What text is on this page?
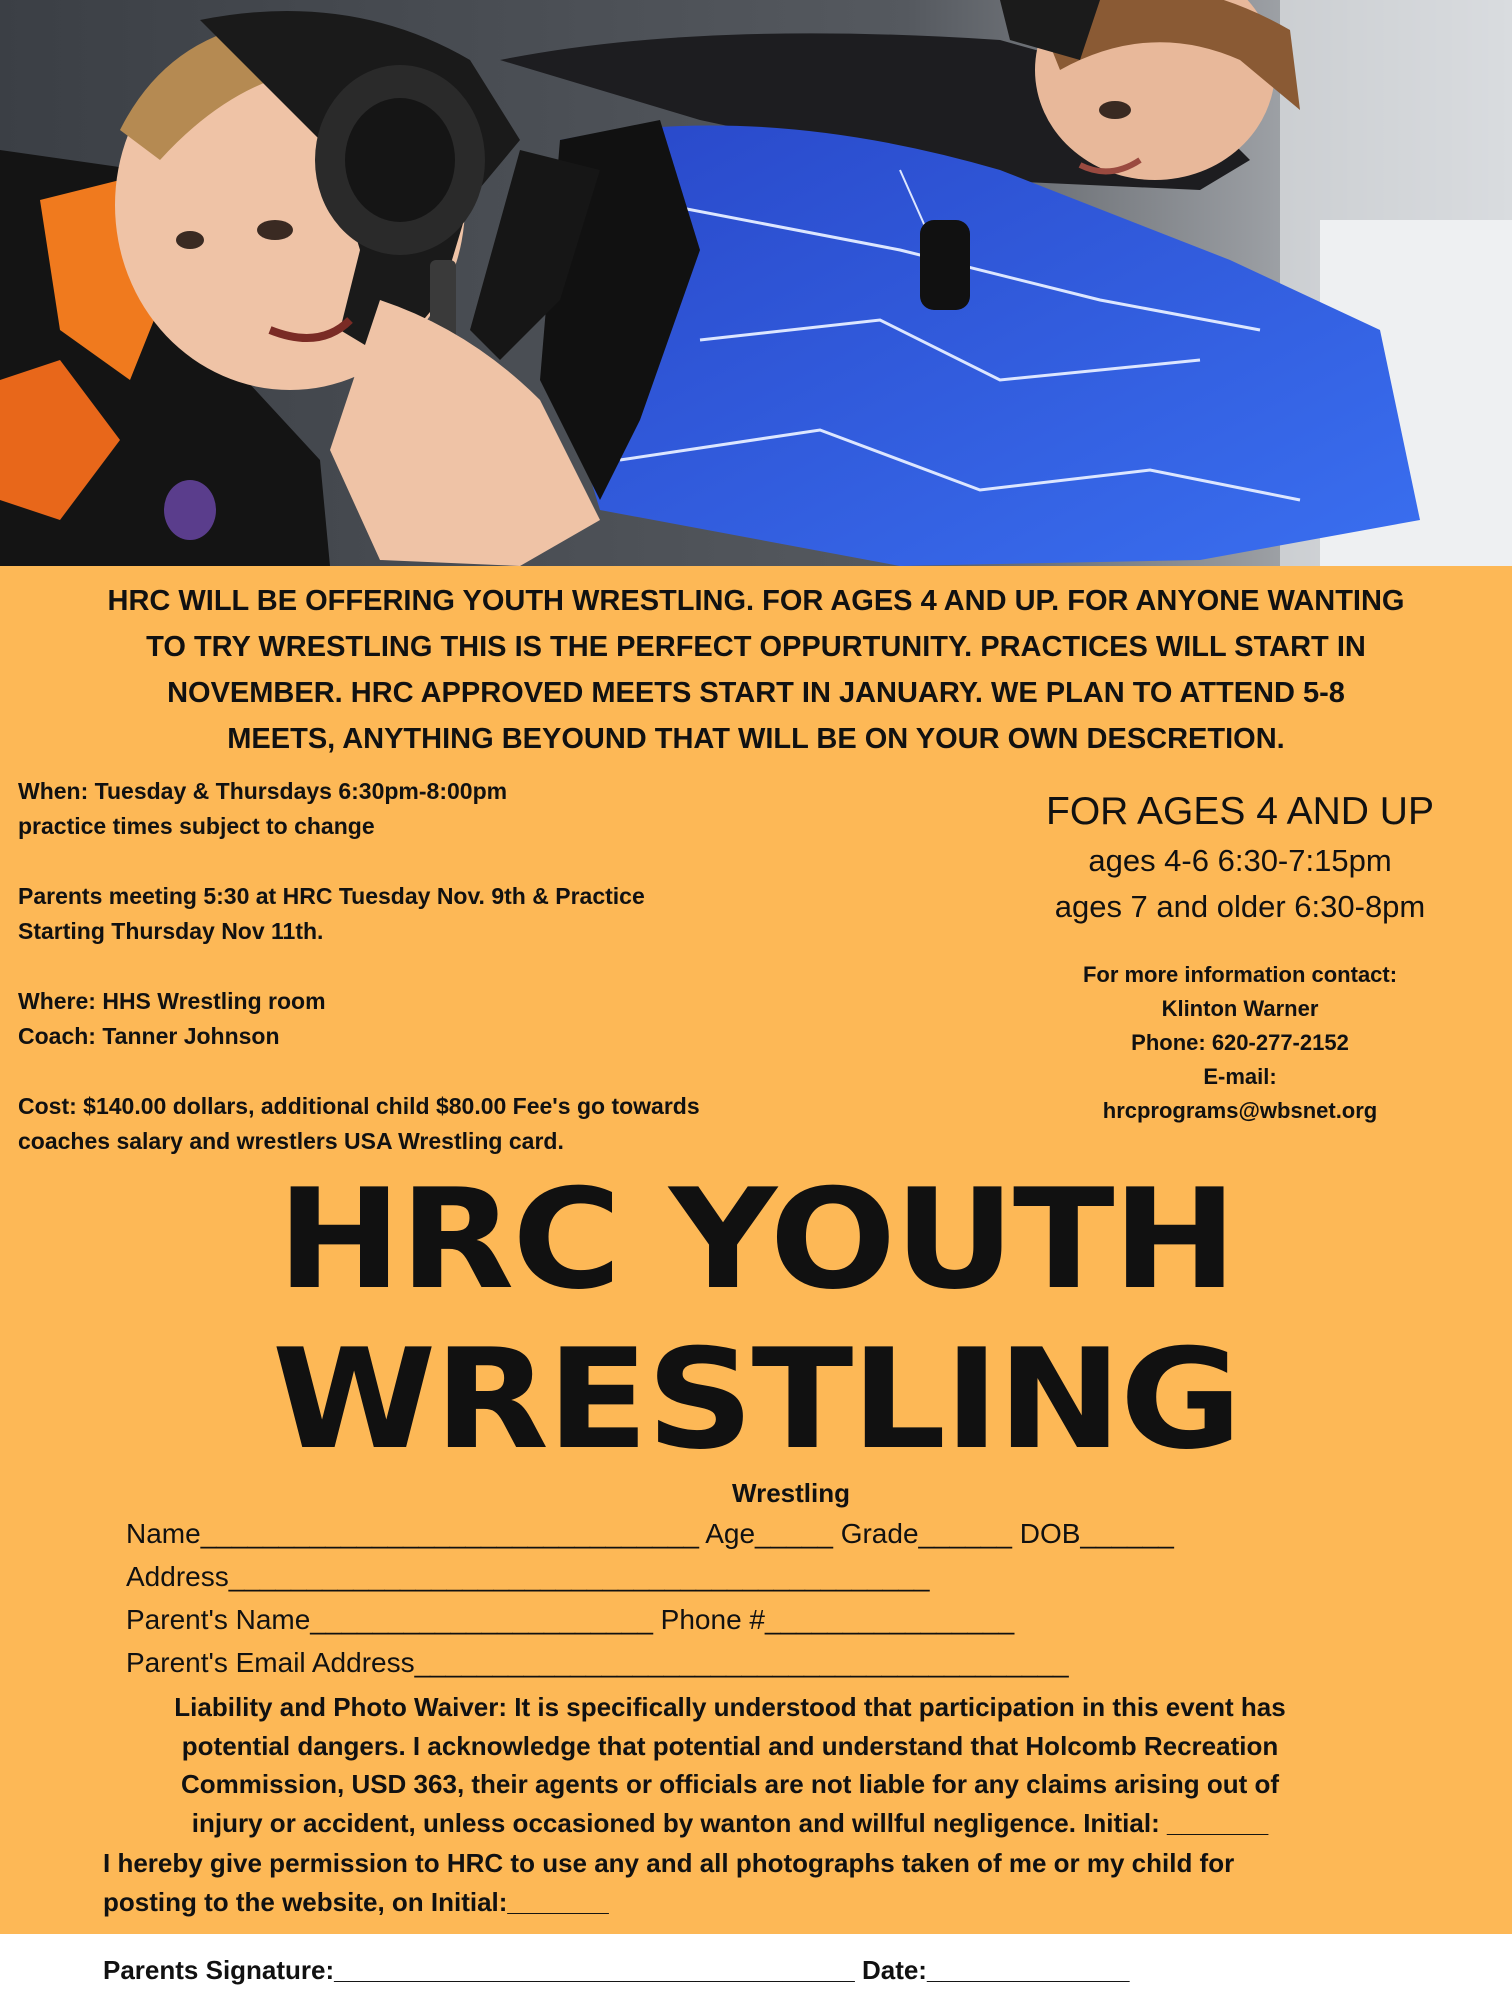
HRC WILL BE OFFERING YOUTH WRESTLING. FOR AGES 4 AND UP. FOR ANYONE WANTING
TO TRY WRESTLING THIS IS THE PERFECT OPPURTUNITY. PRACTICES WILL START IN
NOVEMBER. HRC APPROVED MEETS START IN JANUARY. WE PLAN TO ATTEND 5-8
MEETS, ANYTHING BEYOUND THAT WILL BE ON YOUR OWN DESCRETION.

When: Tuesday & Thursdays 6:30pm-8:00pm
practice times subject to change

Parents meeting 5:30 at HRC Tuesday Nov. 9th & Practice
Starting Thursday Nov 11th.

Where: HHS Wrestling room
Coach: Tanner Johnson

Cost: $140.00 dollars, additional child $80.00 Fee's go towards
coaches salary and wrestlers USA Wrestling card.

FOR AGES 4 AND UP
ages 4-6 6:30-7:15pm
ages 7 and older 6:30-8pm
For more information contact:
Klinton Warner
Phone: 620-277-2152
E-mail:
hrcprograms@wbsnet.org
HRC YOUTH
WRESTLING
Wrestling
Name________________________________ Age_____ Grade______ DOB______
Address_____________________________________________
Parent's Name______________________ Phone #________________
Parent's Email Address__________________________________________
Liability and Photo Waiver: It is specifically understood that participation in this event has
potential dangers. I acknowledge that potential and understand that Holcomb Recreation
Commission, USD 363, their agents or officials are not liable for any claims arising out of
injury or accident, unless occasioned by wanton and willful negligence. Initial: _______
I hereby give permission to HRC to use any and all photographs taken of me or my child for
posting to the website, on Initial:_______
Parents Signature:____________________________________ Date:______________
